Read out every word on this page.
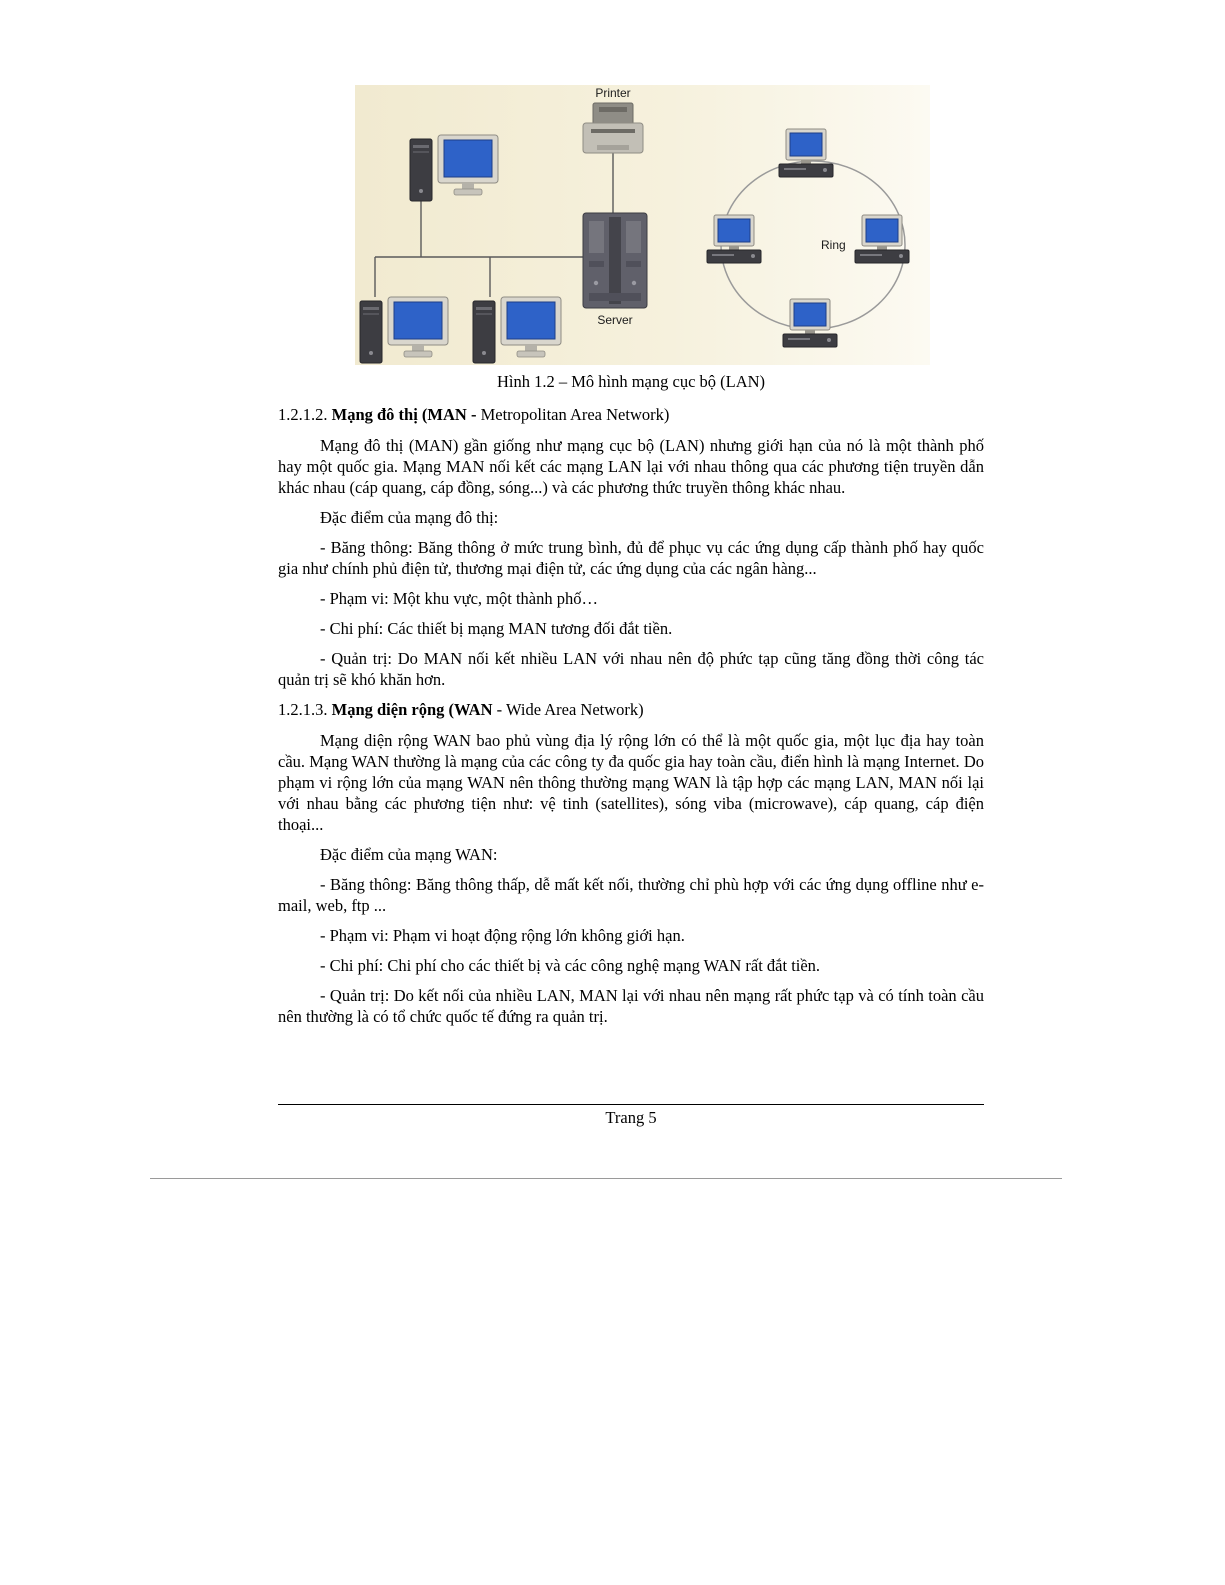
Printer
Server
Ring
Hình 1.2 – Mô hình mạng cục bộ (LAN)

1.2.1.2. Mạng đô thị (MAN - Metropolitan Area Network)

Mạng đô thị (MAN) gần giống như mạng cục bộ (LAN) nhưng giới hạn của nó là một thành phố hay một quốc gia. Mạng MAN nối kết các mạng LAN lại với nhau thông qua các phương tiện truyền dẫn khác nhau (cáp quang, cáp đồng, sóng...) và các phương thức truyền thông khác nhau.

Đặc điểm của mạng đô thị:

- Băng thông: Băng thông ở mức trung bình, đủ để phục vụ các ứng dụng cấp thành phố hay quốc gia như chính phủ điện tử, thương mại điện tử, các ứng dụng của các ngân hàng...

- Phạm vi: Một khu vực, một thành phố…

- Chi phí: Các thiết bị mạng MAN tương đối đắt tiền.

- Quản trị: Do MAN nối kết nhiều LAN với nhau nên độ phức tạp cũng tăng đồng thời công tác quản trị sẽ khó khăn hơn.

1.2.1.3. Mạng diện rộng (WAN - Wide Area Network)

Mạng diện rộng WAN bao phủ vùng địa lý rộng lớn có thể là một quốc gia, một lục địa hay toàn cầu. Mạng WAN thường là mạng của các công ty đa quốc gia hay toàn cầu, điển hình là mạng Internet. Do phạm vi rộng lớn của mạng WAN nên thông thường mạng WAN là tập hợp các mạng LAN, MAN nối lại với nhau bằng các phương tiện như: vệ tinh (satellites), sóng viba (microwave), cáp quang, cáp điện thoại...

Đặc điểm của mạng WAN:

- Băng thông: Băng thông thấp, dễ mất kết nối, thường chỉ phù hợp với các ứng dụng offline như e-mail, web, ftp ...

- Phạm vi: Phạm vi hoạt động rộng lớn không giới hạn.

- Chi phí: Chi phí cho các thiết bị và các công nghệ mạng WAN rất đắt tiền.

- Quản trị: Do kết nối của nhiều LAN, MAN lại với nhau nên mạng rất phức tạp và có tính toàn cầu nên thường là có tổ chức quốc tế đứng ra quản trị.

Trang 5
